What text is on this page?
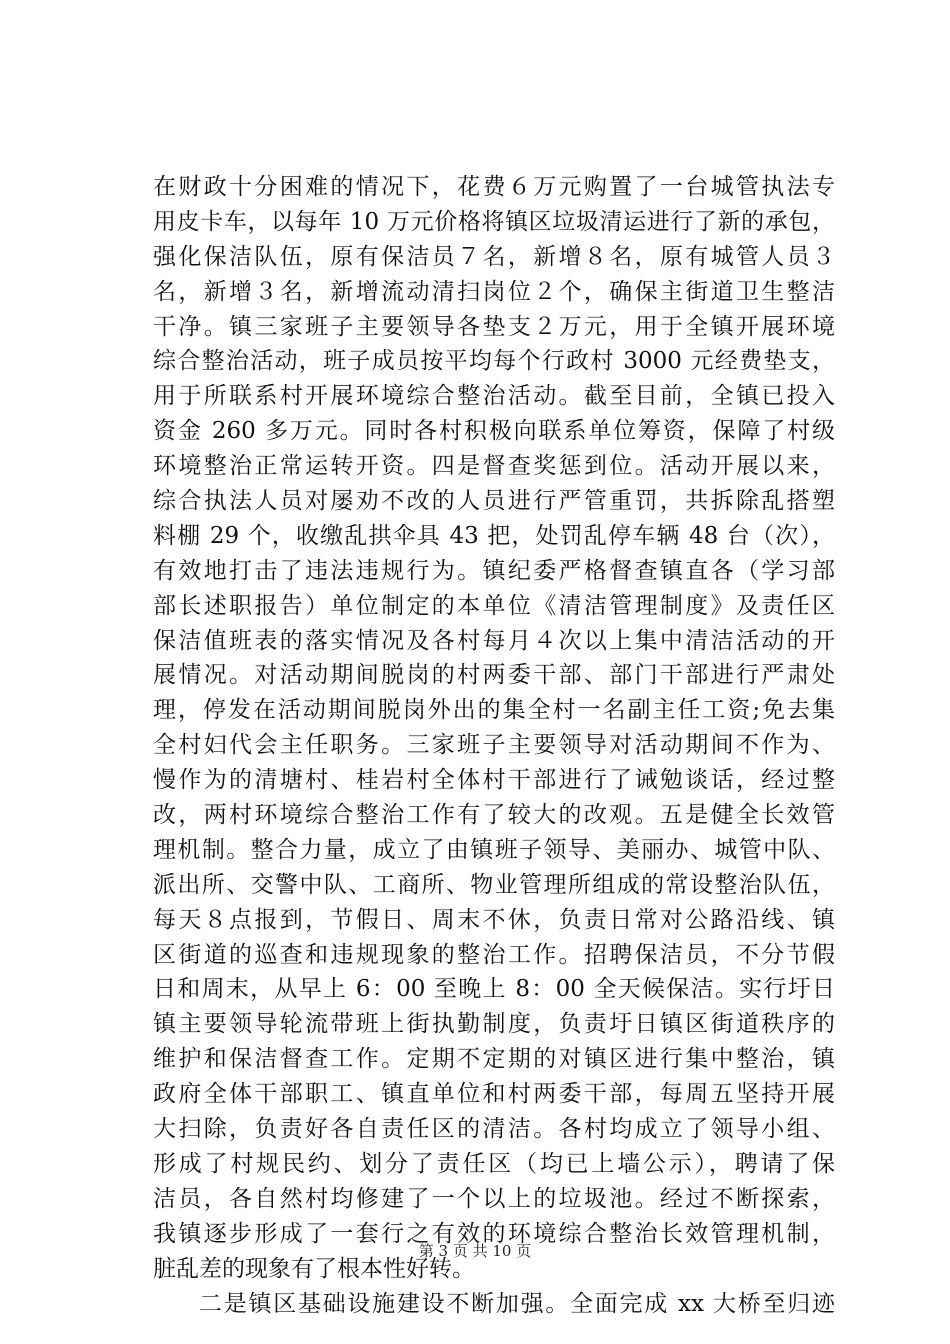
在财政十分困难的情况下，花费６万元购置了一台城管执法专
用皮卡车，以每年 10 万元价格将镇区垃圾清运进行了新的承包，
强化保洁队伍，原有保洁员７名，新增８名，原有城管人员３
名，新增３名，新增流动清扫岗位２个，确保主街道卫生整洁
干净。镇三家班子主要领导各垫支２万元，用于全镇开展环境
综合整治活动，班子成员按平均每个行政村 3000 元经费垫支，
用于所联系村开展环境综合整治活动。截至目前，全镇已投入
资金 260 多万元。同时各村积极向联系单位筹资，保障了村级
环境整治正常运转开资。四是督查奖惩到位。活动开展以来，
综合执法人员对屡劝不改的人员进行严管重罚，共拆除乱搭塑
料棚 29 个，收缴乱拱伞具 43 把，处罚乱停车辆 48 台（次），
有效地打击了违法违规行为。镇纪委严格督查镇直各（学习部
部长述职报告）单位制定的本单位《清洁管理制度》及责任区
保洁值班表的落实情况及各村每月４次以上集中清洁活动的开
展情况。对活动期间脱岗的村两委干部、部门干部进行严肃处
理，停发在活动期间脱岗外出的集全村一名副主任工资;免去集
全村妇代会主任职务。三家班子主要领导对活动期间不作为、
慢作为的清塘村、桂岩村全体村干部进行了诫勉谈话，经过整
改，两村环境综合整治工作有了较大的改观。五是健全长效管
理机制。整合力量，成立了由镇班子领导、美丽办、城管中队、
派出所、交警中队、工商所、物业管理所组成的常设整治队伍，
每天８点报到，节假日、周末不休，负责日常对公路沿线、镇
区街道的巡查和违规现象的整治工作。招聘保洁员，不分节假
日和周末，从早上 6：00 至晚上 8：00 全天候保洁。实行圩日
镇主要领导轮流带班上街执勤制度，负责圩日镇区街道秩序的
维护和保洁督查工作。定期不定期的对镇区进行集中整治，镇
政府全体干部职工、镇直单位和村两委干部，每周五坚持开展
大扫除，负责好各自责任区的清洁。各村均成立了领导小组、
形成了村规民约、划分了责任区（均已上墙公示），聘请了保
洁员，各自然村均修建了一个以上的垃圾池。经过不断探索，
我镇逐步形成了一套行之有效的环境综合整治长效管理机制，
脏乱差的现象有了根本性好转。
二是镇区基础设施建设不断加强。全面完成 xx 大桥至归迹
第 3 页 共 10 页
